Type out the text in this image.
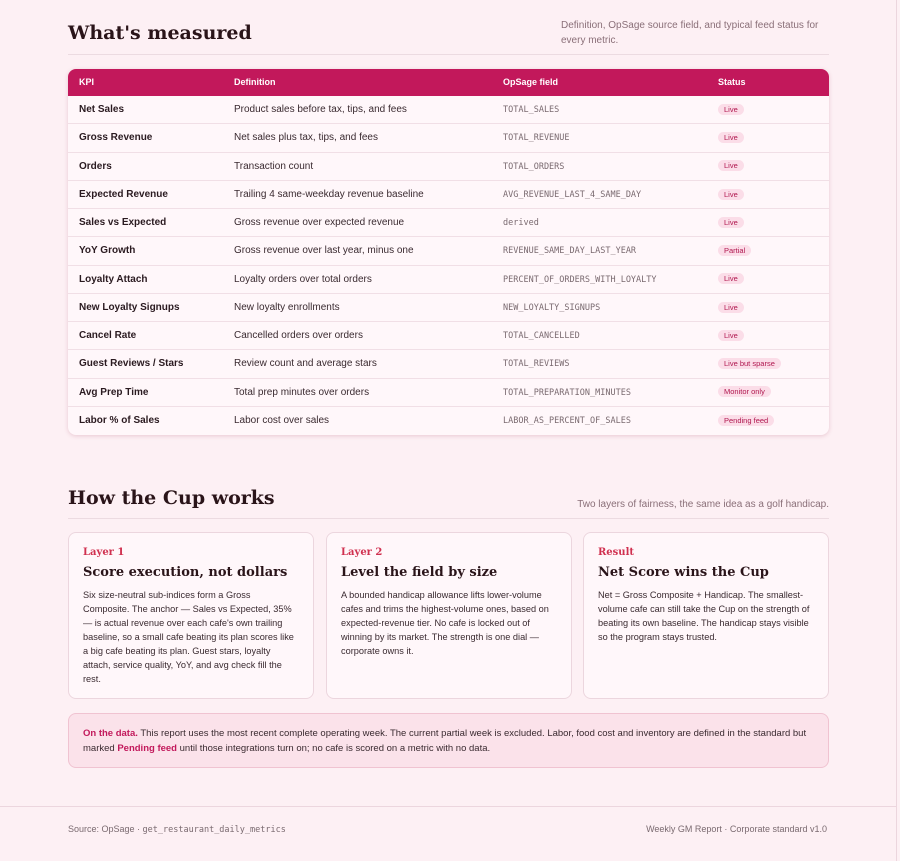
What's measured	Definition, OpSage source field, and typical feed status for
every metric.
KPI	Definition	OpSage field	Status
Net Sales	Product sales before tax, tips, and fees	TOTAL_SALES	Live
Gross Revenue	Net sales plus tax, tips, and fees	TOTAL_REVENUE	Live
Orders	Transaction count	TOTAL_ORDERS	Live
Expected Revenue	Trailing 4 same-weekday revenue baseline	AVG_REVENUE_LAST_4_SAME_DAY	Live
Sales vs Expected	Gross revenue over expected revenue	derived	Live
YoY Growth	Gross revenue over last year, minus one	REVENUE_SAME_DAY_LAST_YEAR	Partial
Loyalty Attach	Loyalty orders over total orders	PERCENT_OF_ORDERS_WITH_LOYALTY	Live
New Loyalty Signups	New loyalty enrollments	NEW_LOYALTY_SIGNUPS	Live
Cancel Rate	Cancelled orders over orders	TOTAL_CANCELLED	Live
Guest Reviews / Stars	Review count and average stars	TOTAL_REVIEWS	Live but sparse
Avg Prep Time	Total prep minutes over orders	TOTAL_PREPARATION_MINUTES	Monitor only
Labor % of Sales	Labor cost over sales	LABOR_AS_PERCENT_OF_SALES	Pending feed
How the Cup works	Two layers of fairness, the same idea as a golf handicap.
Layer 1
Score execution, not dollars
Six size-neutral sub-indices form a Gross Composite. The anchor — Sales vs Expected, 35% — is actual revenue over each cafe's own trailing baseline, so a small cafe beating its plan scores like a big cafe beating its plan. Guest stars, loyalty attach, service quality, YoY, and avg check fill the rest.
Layer 2
Level the field by size
A bounded handicap allowance lifts lower-volume cafes and trims the highest-volume ones, based on expected-revenue tier. No cafe is locked out of winning by its market. The strength is one dial — corporate owns it.
Result
Net Score wins the Cup
Net = Gross Composite + Handicap. The smallest-volume cafe can still take the Cup on the strength of beating its own baseline. The handicap stays visible so the program stays trusted.
On the data. This report uses the most recent complete operating week. The current partial week is excluded. Labor, food cost and inventory are defined in the standard but marked Pending feed until those integrations turn on; no cafe is scored on a metric with no data.
Source: OpSage · get_restaurant_daily_metrics	Weekly GM Report · Corporate standard v1.0
